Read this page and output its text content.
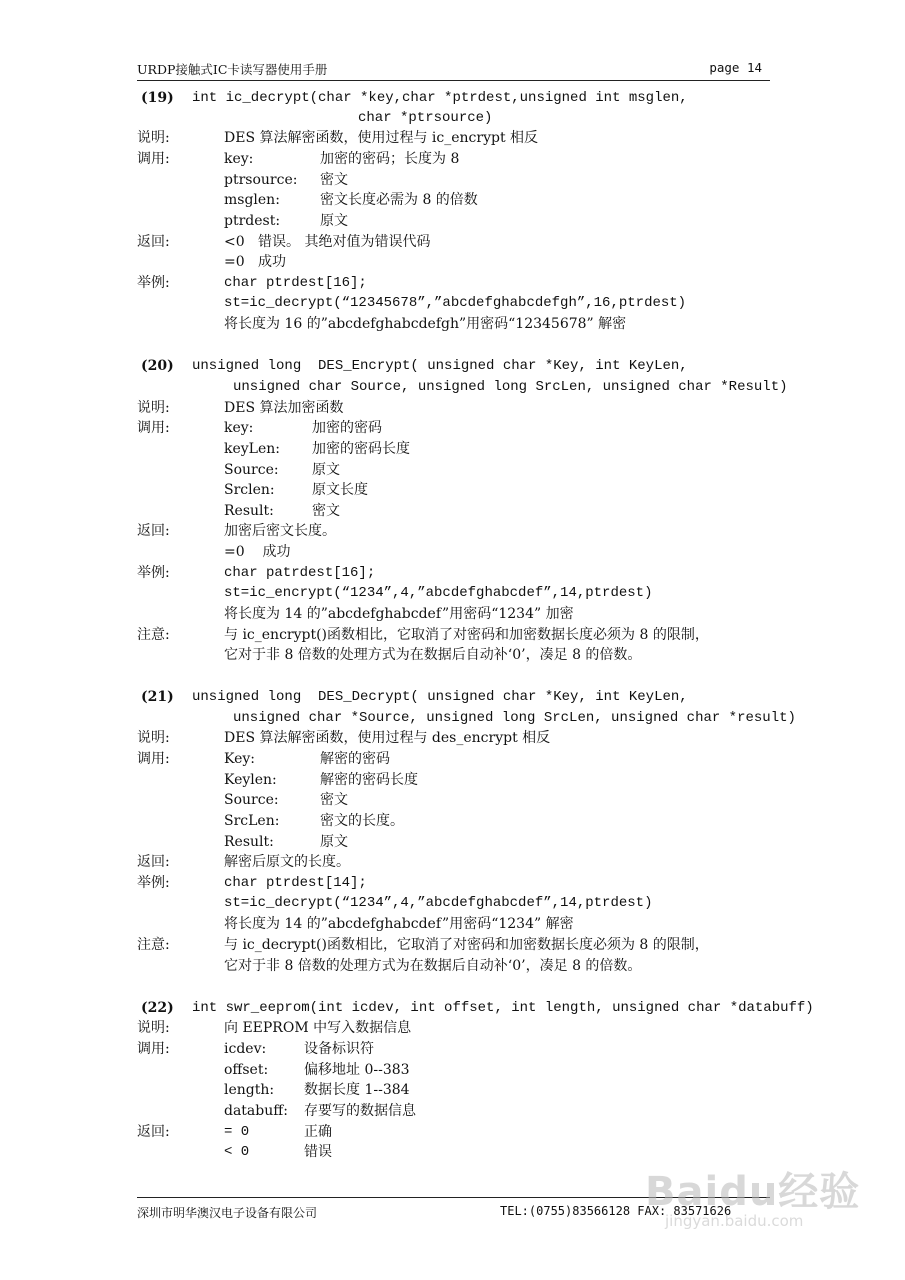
URDP接触式IC卡读写器使用手册	page 14
(19) int ic_decrypt(char *key,char *ptrdest,unsigned int msglen,
char *ptrsource)
说明:	DES 算法解密函数，使用过程与 ic_encrypt 相反
调用:	key:	加密的密码；长度为 8
ptrsource: 密文
msglen:	密文长度必需为 8 的倍数
ptrdest:	原文
返回:	<0   错误。 其绝对值为错误代码
=0   成功
举例:	char ptrdest[16];
st=ic_decrypt(“12345678”,”abcdefghabcdefgh”,16,ptrdest)
将长度为 16 的”abcdefghabcdefgh”用密码“12345678” 解密
(20) unsigned long  DES_Encrypt( unsigned char *Key, int KeyLen,
unsigned char Source, unsigned long SrcLen, unsigned char *Result)
说明:	DES 算法加密函数
调用:	key:	加密的密码
keyLen: 加密的密码长度
Source: 原文
Srclen:	原文长度
Result:	密文
返回:	加密后密文长度。
=0    成功
举例:	char patrdest[16];
st=ic_encrypt(“1234”,4,”abcdefghabcdef”,14,ptrdest)
将长度为 14 的”abcdefghabcdef”用密码“1234” 加密
注意:	与 ic_encrypt()函数相比，它取消了对密码和加密数据长度必须为 8 的限制，
它对于非 8 倍数的处理方式为在数据后自动补‘0’，凑足 8 的倍数。
(21) unsigned long  DES_Decrypt( unsigned char *Key, int KeyLen,
unsigned char *Source, unsigned long SrcLen, unsigned char *result)
说明:	DES 算法解密函数，使用过程与 des_encrypt 相反
调用:	Key:	解密的密码
Keylen:	解密的密码长度
Source:	密文
SrcLen:	密文的长度。
Result:	原文
返回:	解密后原文的长度。
举例:	char ptrdest[14];
st=ic_decrypt(“1234”,4,”abcdefghabcdef”,14,ptrdest)
将长度为 14 的”abcdefghabcdef”用密码“1234” 解密
注意:	与 ic_decrypt()函数相比，它取消了对密码和加密数据长度必须为 8 的限制，
它对于非 8 倍数的处理方式为在数据后自动补‘0’，凑足 8 的倍数。
(22) int swr_eeprom(int icdev, int offset, int length, unsigned char *databuff)
说明:	向 EEPROM 中写入数据信息
调用:	icdev:	设备标识符
offset:	偏移地址 0--383
length: 数据长度 1--384
databuff: 存要写的数据信息
返回:	= 0	正确
< 0	错误
深圳市明华澳汉电子设备有限公司	TEL:(0755)83566128 FAX: 83571626
Baidu经验
jingyan.baidu.com
